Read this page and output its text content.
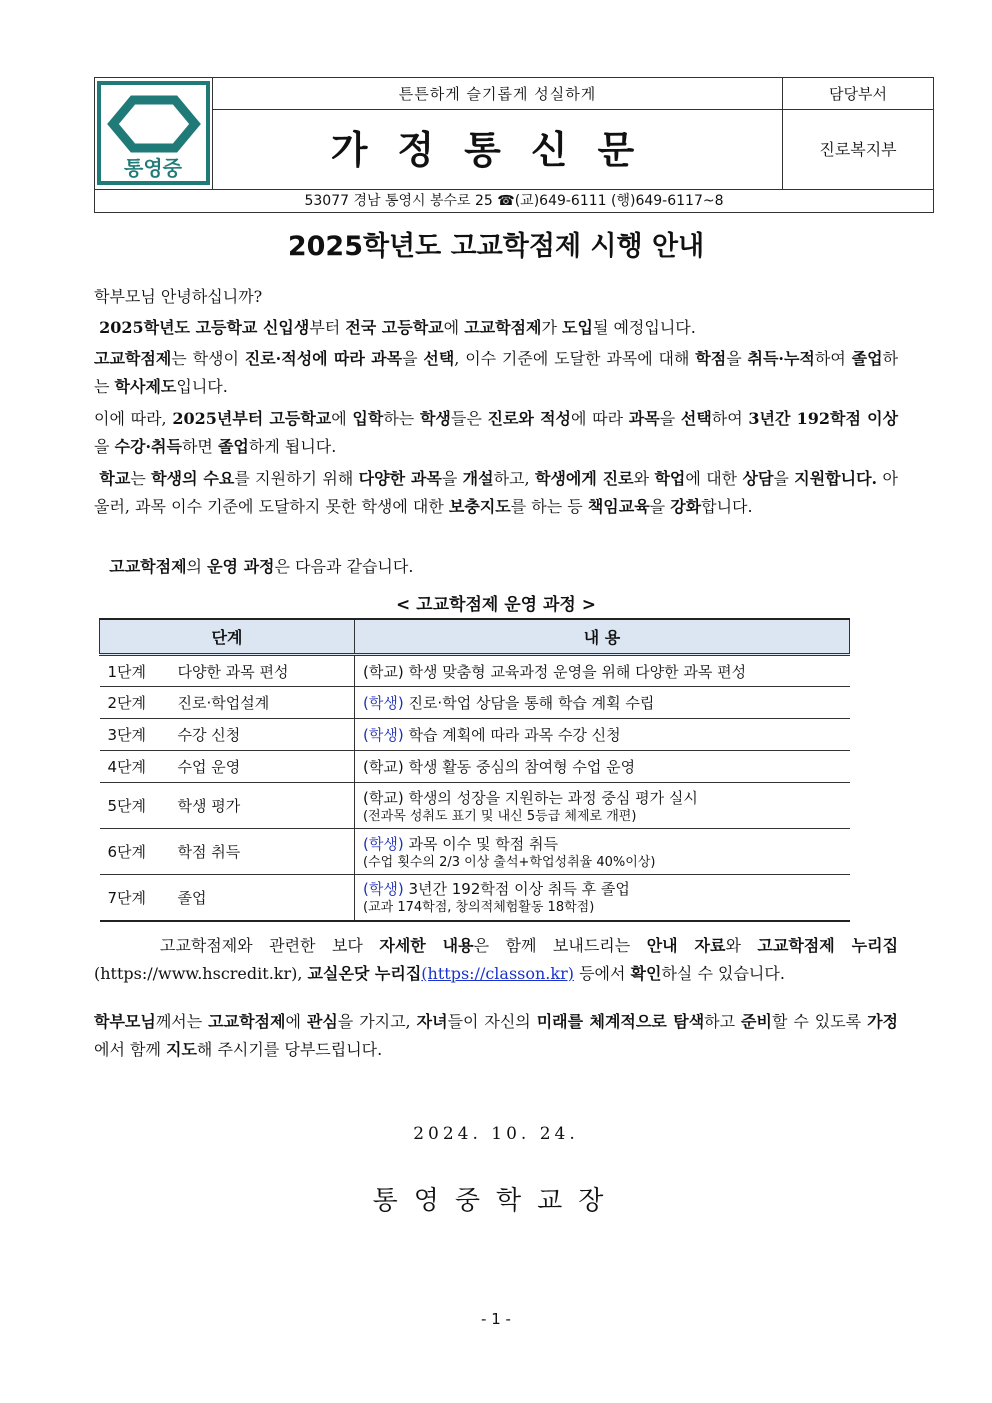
통영중
튼튼하게 슬기롭게 성실하게
가정통신문
담당부서
진로복지부
53077 경남 통영시 봉수로 25 ☎(교)649-6111 (행)649-6117~8
2025학년도 고교학점제 시행 안내
학부모님 안녕하십니까?
2025학년도 고등학교 신입생부터 전국 고등학교에 고교학점제가 도입될 예정입니다.
고교학점제는 학생이 진로·적성에 따라 과목을 선택, 이수 기준에 도달한 과목에 대해 학점을 취득·누적하여 졸업하는 학사제도입니다.
이에 따라, 2025년부터 고등학교에 입학하는 학생들은 진로와 적성에 따라 과목을 선택하여 3년간 192학점 이상을 수강·취득하면 졸업하게 됩니다.
학교는 학생의 수요를 지원하기 위해 다양한 과목을 개설하고, 학생에게 진로와 학업에 대한 상담을 지원합니다. 아울러, 과목 이수 기준에 도달하지 못한 학생에 대한 보충지도를 하는 등 책임교육을 강화합니다.
고교학점제의 운영 과정은 다음과 같습니다.
< 고교학점제 운영 과정 >
단계	내 용
1단계 다양한 과목 편성	(학교) 학생 맞춤형 교육과정 운영을 위해 다양한 과목 편성
2단계 진로·학업설계	(학생) 진로·학업 상담을 통해 학습 계획 수립
3단계 수강 신청	(학생) 학습 계획에 따라 과목 수강 신청
4단계 수업 운영	(학교) 학생 활동 중심의 참여형 수업 운영
5단계 학생 평가	(학교) 학생의 성장을 지원하는 과정 중심 평가 실시
(전과목 성취도 표기 및 내신 5등급 체제로 개편)

6단계 학점 취득	(학생) 과목 이수 및 학점 취득
(수업 횟수의 2/3 이상 출석+학업성취율 40%이상)

7단계 졸업	(학생) 3년간 192학점 이상 취득 후 졸업
(교과 174학점, 창의적체험활동 18학점)
고교학점제와 관련한 보다 자세한 내용은 함께 보내드리는 안내 자료와 고교학점제 누리집(https://www.hscredit.kr), 교실온닷 누리집(https://classon.kr) 등에서 확인하실 수 있습니다.
학부모님께서는 고교학점제에 관심을 가지고, 자녀들이 자신의 미래를 체계적으로 탐색하고 준비할 수 있도록 가정에서 함께 지도해 주시기를 당부드립니다.
2024. 10. 24.
통영중학교장
- 1 -
